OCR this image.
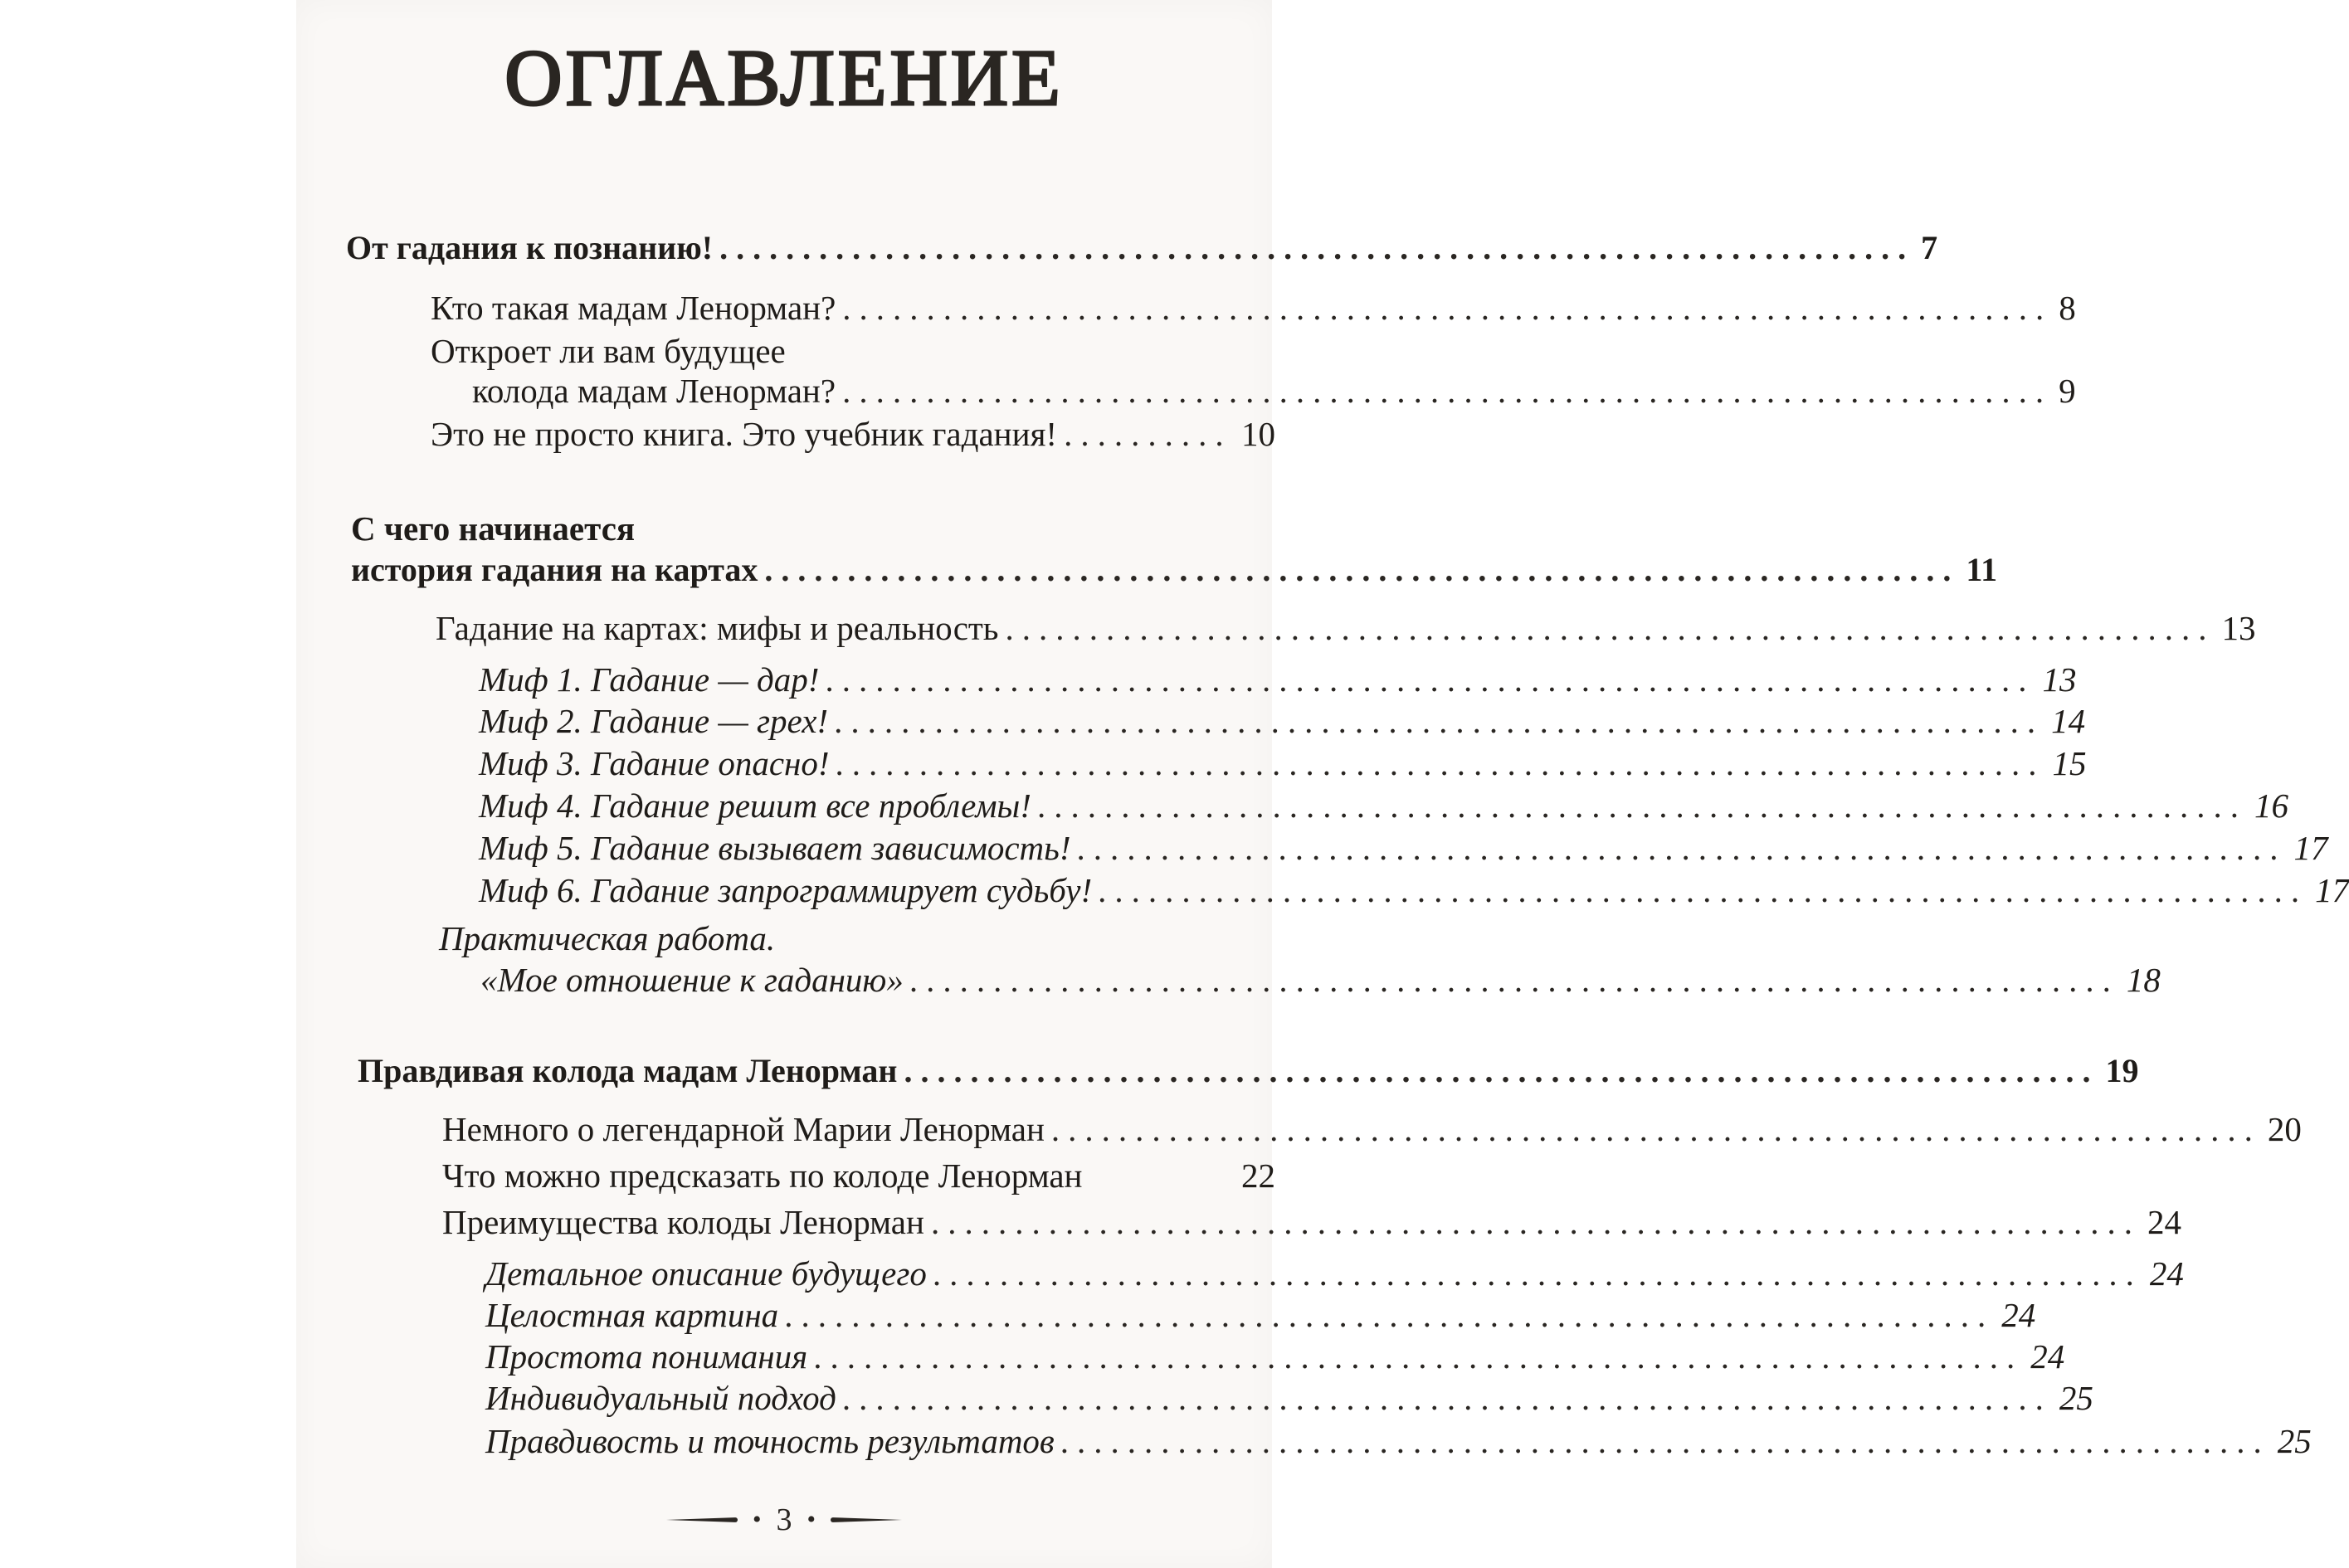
ОГЛАВЛЕНИЕ
От гадания к познанию! ........................................................................ 7
Кто такая мадам Ленорман? ........................................................................ 8
Откроет ли вам будущее
колода мадам Ленорман? ........................................................................ 9
Это не просто книга. Это учебник гадания! .......... 10
С чего начинается
история гадания на картах ........................................................................ 11
Гадание на картах: мифы и реальность ........................................................................ 13
Миф 1. Гадание — дар! ........................................................................ 13
Миф 2. Гадание — грех! ........................................................................ 14
Миф 3. Гадание опасно! ........................................................................ 15
Миф 4. Гадание решит все проблемы! ........................................................................ 16
Миф 5. Гадание вызывает зависимость! ........................................................................ 17
Миф 6. Гадание запрограммирует судьбу! ........................................................................ 17
Практическая работа.
«Мое отношение к гаданию» ........................................................................ 18
Правдивая колода мадам Ленорман ........................................................................ 19
Немного о легендарной Марии Ленорман ........................................................................ 20
Что можно предсказать по колоде Ленорман	22
Преимущества колоды Ленорман ........................................................................ 24
Детальное описание будущего ........................................................................ 24
Целостная картина ........................................................................ 24
Простота понимания ........................................................................ 24
Индивидуальный подход ........................................................................ 25
Правдивость и точность результатов ........................................................................ 25
• 3 •
